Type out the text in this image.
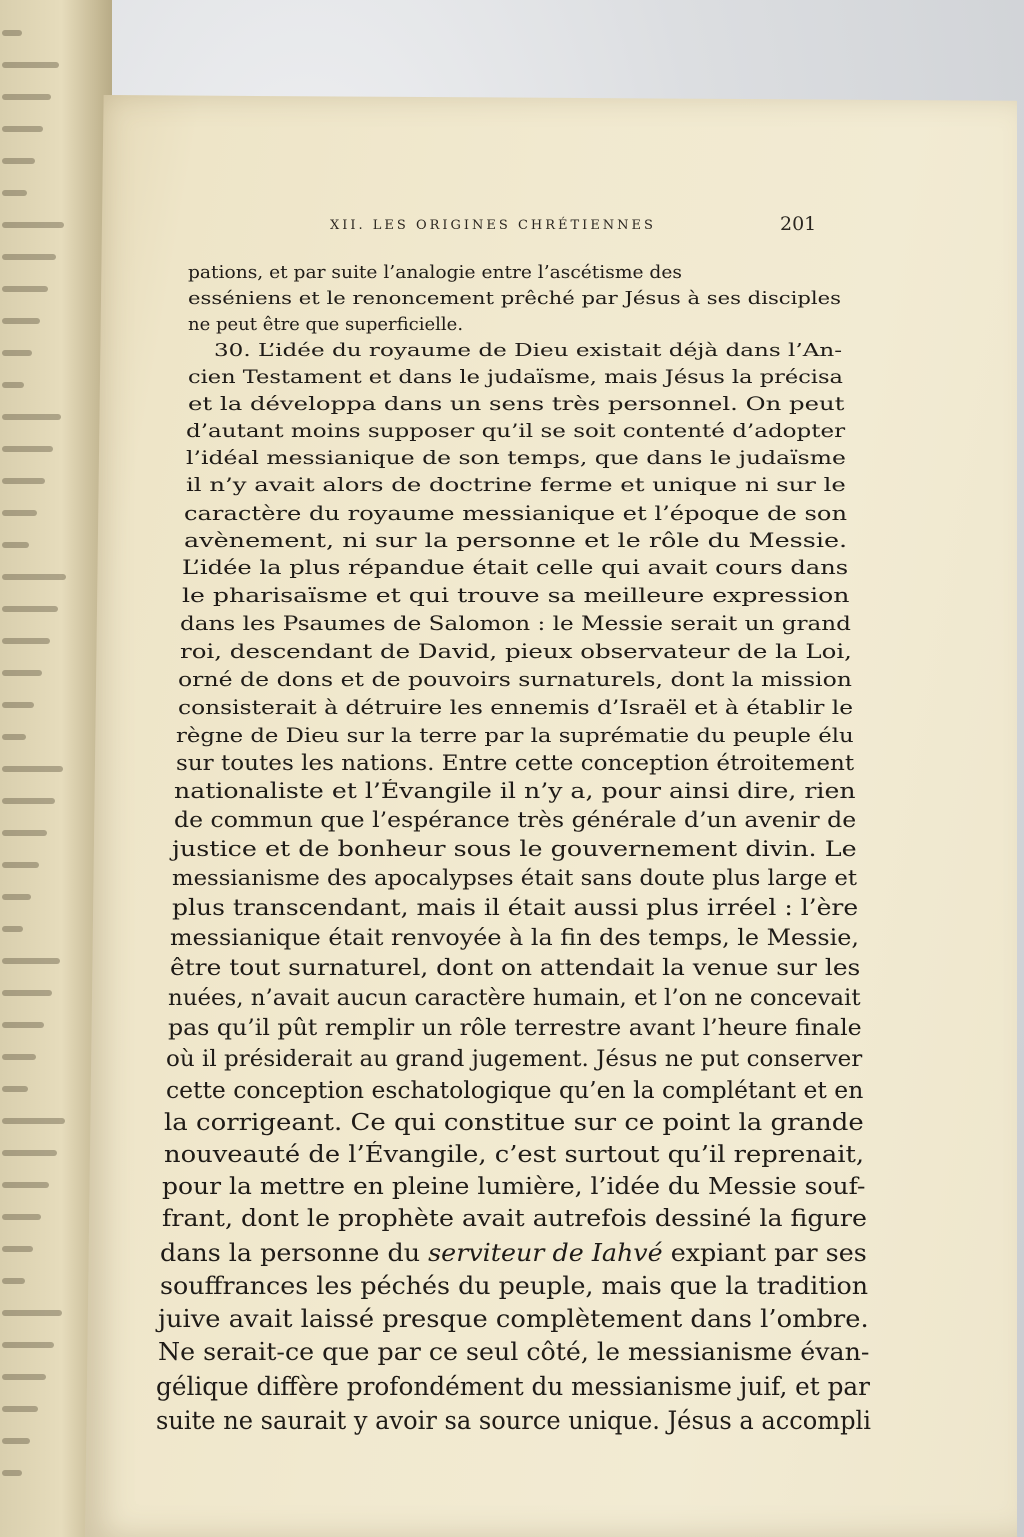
XII. LES ORIGINES CHRÉTIENNES	201
pations, et par suite l’analogie entre l’ascétisme des
esséniens et le renoncement prêché par Jésus à ses disciples
ne peut être que superficielle.
30. L’idée du royaume de Dieu existait déjà dans l’An-
cien Testament et dans le judaïsme, mais Jésus la précisa
et la développa dans un sens très personnel. On peut
d’autant moins supposer qu’il se soit contenté d’adopter
l’idéal messianique de son temps, que dans le judaïsme
il n’y avait alors de doctrine ferme et unique ni sur le
caractère du royaume messianique et l’époque de son
avènement, ni sur la personne et le rôle du Messie.
L’idée la plus répandue était celle qui avait cours dans
le pharisaïsme et qui trouve sa meilleure expression
dans les Psaumes de Salomon : le Messie serait un grand
roi, descendant de David, pieux observateur de la Loi,
orné de dons et de pouvoirs surnaturels, dont la mission
consisterait à détruire les ennemis d’Israël et à établir le
règne de Dieu sur la terre par la suprématie du peuple élu
sur toutes les nations. Entre cette conception étroitement
nationaliste et l’Évangile il n’y a, pour ainsi dire, rien
de commun que l’espérance très générale d’un avenir de
justice et de bonheur sous le gouvernement divin. Le
messianisme des apocalypses était sans doute plus large et
plus transcendant, mais il était aussi plus irréel : l’ère
messianique était renvoyée à la fin des temps, le Messie,
être tout surnaturel, dont on attendait la venue sur les
nuées, n’avait aucun caractère humain, et l’on ne concevait
pas qu’il pût remplir un rôle terrestre avant l’heure finale
où il présiderait au grand jugement. Jésus ne put conserver
cette conception eschatologique qu’en la complétant et en
la corrigeant. Ce qui constitue sur ce point la grande
nouveauté de l’Évangile, c’est surtout qu’il reprenait,
pour la mettre en pleine lumière, l’idée du Messie souf-
frant, dont le prophète avait autrefois dessiné la figure
dans la personne du serviteur de Iahvé expiant par ses
souffrances les péchés du peuple, mais que la tradition
juive avait laissé presque complètement dans l’ombre.
Ne serait-ce que par ce seul côté, le messianisme évan-
gélique diffère profondément du messianisme juif, et par
suite ne saurait y avoir sa source unique. Jésus a accompli
